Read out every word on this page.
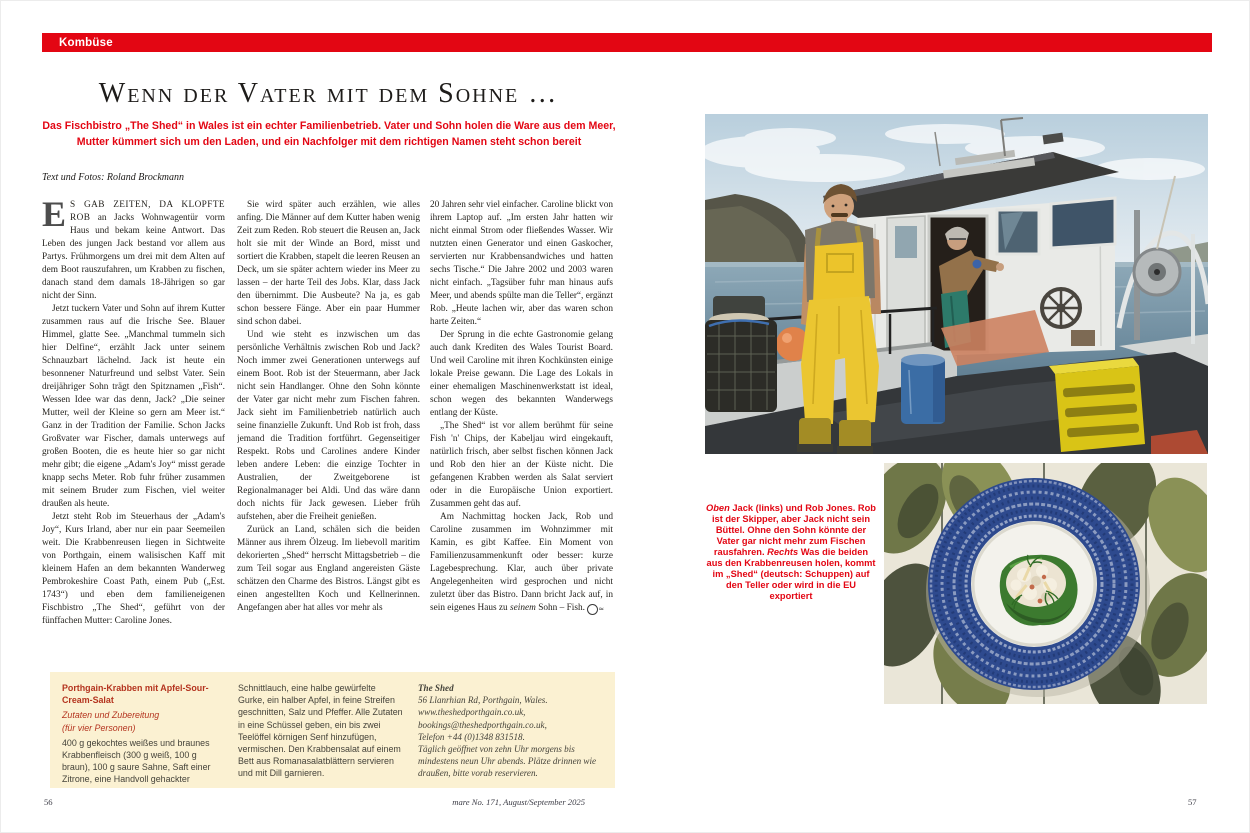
Kombüse
Wenn der Vater mit dem Sohne …

Das Fischbistro „The Shed“ in Wales ist ein echter Familienbetrieb. Vater und Sohn holen die Ware aus dem Meer, Mutter kümmert sich um den Laden, und ein Nachfolger mit dem richtigen Namen steht schon bereit

Text und Fotos: Roland Brockmann

ES GAB ZEITEN, DA KLOPFTE ROB an Jacks Wohnwagentür vorm Haus und bekam keine Antwort. Das Leben des jungen Jack bestand vor allem aus Partys. Frühmorgens um drei mit dem Alten auf dem Boot rauszufahren, um Krabben zu fischen, danach stand dem damals 18-Jährigen so gar nicht der Sinn.

Jetzt tuckern Vater und Sohn auf ihrem Kutter zusammen raus auf die Irische See. Blauer Himmel, glatte See. „Manchmal tummeln sich hier Delfine“, erzählt Jack unter seinem Schnauzbart lächelnd. Jack ist heute ein besonnener Naturfreund und selbst Vater. Sein dreijähriger Sohn trägt den Spitznamen „Fish“. Wessen Idee war das denn, Jack? „Die seiner Mutter, weil der Kleine so gern am Meer ist.“ Ganz in der Tradition der Familie. Schon Jacks Großvater war Fischer, damals unterwegs auf großen Booten, die es heute hier so gar nicht mehr gibt; die eigene „Adam's Joy“ misst gerade knapp sechs Meter. Rob fuhr früher zusammen mit seinem Bruder zum Fischen, viel weiter draußen als heute.

Jetzt steht Rob im Steuerhaus der „Adam's Joy“, Kurs Irland, aber nur ein paar Seemeilen weit. Die Krabbenreusen liegen in Sichtweite von Porthgain, einem walisischen Kaff mit kleinem Hafen an dem bekannten Wanderweg Pembrokeshire Coast Path, einem Pub („Est. 1743“) und eben dem familieneigenen Fischbistro „The Shed“, geführt von der fünffachen Mutter: Caroline Jones.

Sie wird später auch erzählen, wie alles anfing. Die Männer auf dem Kutter haben wenig Zeit zum Reden. Rob steuert die Reusen an, Jack holt sie mit der Winde an Bord, misst und sortiert die Krabben, stapelt die leeren Reusen an Deck, um sie später achtern wieder ins Meer zu lassen – der harte Teil des Jobs. Klar, dass Jack den übernimmt. Die Ausbeute? Na ja, es gab schon bessere Fänge. Aber ein paar Hummer sind schon dabei.

Und wie steht es inzwischen um das persönliche Verhältnis zwischen Rob und Jack? Noch immer zwei Generationen unterwegs auf einem Boot. Rob ist der Steuermann, aber Jack nicht sein Handlanger. Ohne den Sohn könnte der Vater gar nicht mehr zum Fischen fahren. Jack sieht im Familienbetrieb natürlich auch seine finanzielle Zukunft. Und Rob ist froh, dass jemand die Tradition fortführt. Gegenseitiger Respekt. Robs und Carolines andere Kinder leben andere Leben: die einzige Tochter in Australien, der Zweitgeborene ist Regionalmanager bei Aldi. Und das wäre dann doch nichts für Jack gewesen. Lieber früh aufstehen, aber die Freiheit genießen.

Zurück an Land, schälen sich die beiden Männer aus ihrem Ölzeug. Im liebevoll maritim dekorierten „Shed“ herrscht Mittagsbetrieb – die zum Teil sogar aus England angereisten Gäste schätzen den Charme des Bistros. Längst gibt es einen angestellten Koch und Kellnerinnen. Angefangen aber hat alles vor mehr als

20 Jahren sehr viel einfacher. Caroline blickt von ihrem Laptop auf. „Im ersten Jahr hatten wir nicht einmal Strom oder fließendes Wasser. Wir nutzten einen Generator und einen Gaskocher, servierten nur Krabbensandwiches und hatten sechs Tische.“ Die Jahre 2002 und 2003 waren nicht einfach. „Tagsüber fuhr man hinaus aufs Meer, und abends spülte man die Teller“, ergänzt Rob. „Heute lachen wir, aber das waren schon harte Zeiten.“

Der Sprung in die echte Gastronomie gelang auch dank Krediten des Wales Tourist Board. Und weil Caroline mit ihren Kochkünsten einige lokale Preise gewann. Die Lage des Lokals in einer ehemaligen Maschinenwerkstatt ist ideal, schon wegen des bekannten Wanderwegs entlang der Küste.

„The Shed“ ist vor allem berühmt für seine Fish 'n' Chips, der Kabeljau wird eingekauft, natürlich frisch, aber selbst fischen können Jack und Rob den hier an der Küste nicht. Die gefangenen Krabben werden als Salat serviert oder in die Europäische Union exportiert. Zusammen geht das auf.

Am Nachmittag hocken Jack, Rob und Caroline zusammen im Wohnzimmer mit Kamin, es gibt Kaffee. Ein Moment von Familienzusammenkunft oder besser: kurze Lagebesprechung. Klar, auch über private Angelegenheiten wird gesprochen und nicht zuletzt über das Bistro. Dann bricht Jack auf, in sein eigenes Haus zu seinem Sohn – Fish. ≈

Oben Jack (links) und Rob Jones. Rob ist der Skipper, aber Jack nicht sein Büttel. Ohne den Sohn könnte der Vater gar nicht mehr zum Fischen rausfahren. Rechts Was die beiden aus den Krabbenreusen holen, kommt im „Shed“ (deutsch: Schuppen) auf den Teller oder wird in die EU exportiert

Porthgain-Krabben mit Apfel-Sour-Cream-Salat

Zutaten und Zubereitung

(für vier Personen)

400 g gekochtes weißes und braunes Krabbenfleisch (300 g weiß, 100 g braun), 100 g saure Sahne, Saft einer Zitrone, eine Handvoll gehackter

Schnittlauch, eine halbe gewürfelte Gurke, ein halber Apfel, in feine Streifen geschnitten, Salz und Pfeffer. Alle Zutaten in eine Schüssel geben, ein bis zwei Teelöffel körnigen Senf hinzufügen, vermischen. Den Krabbensalat auf einem Bett aus Romanasalatblättern servieren und mit Dill garnieren.

The Shed

56 Llanrhian Rd, Porthgain, Wales.

www.theshedporthgain.co.uk,

bookings@theshedporthgain.co.uk,

Telefon +44 (0)1348 831518.

Täglich geöffnet von zehn Uhr morgens bis mindestens neun Uhr abends. Plätze drinnen wie draußen, bitte vorab reservieren.

56	mare No. 171, August/September 2025	57
